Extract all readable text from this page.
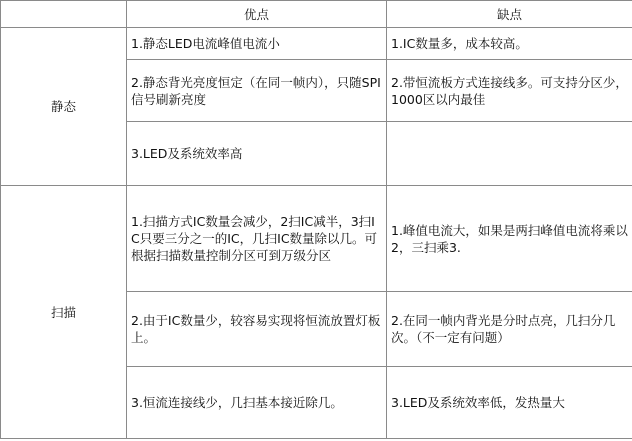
	优点	缺点
静态	1.静态LED电流峰值电流小	1.IC数量多，成本较高。

	2.静态背光亮度恒定（在同一帧内），只随SPI信号刷新亮度	2.带恒流板方式连接线多。可支持分区少，1000区以内最佳

	3.LED及系统效率高	

扫描	1.扫描方式IC数量会减少，2扫IC减半，3扫IC只要三分之一的IC，几扫IC数量除以几。可根据扫描数量控制分区可到万级分区	1.峰值电流大，如果是两扫峰值电流将乘以2，三扫乘3.

	2.由于IC数量少，较容易实现将恒流放置灯板上。	2.在同一帧内背光是分时点亮，几扫分几次。（不一定有问题）

	3.恒流连接线少，几扫基本接近除几。	3.LED及系统效率低，发热量大
